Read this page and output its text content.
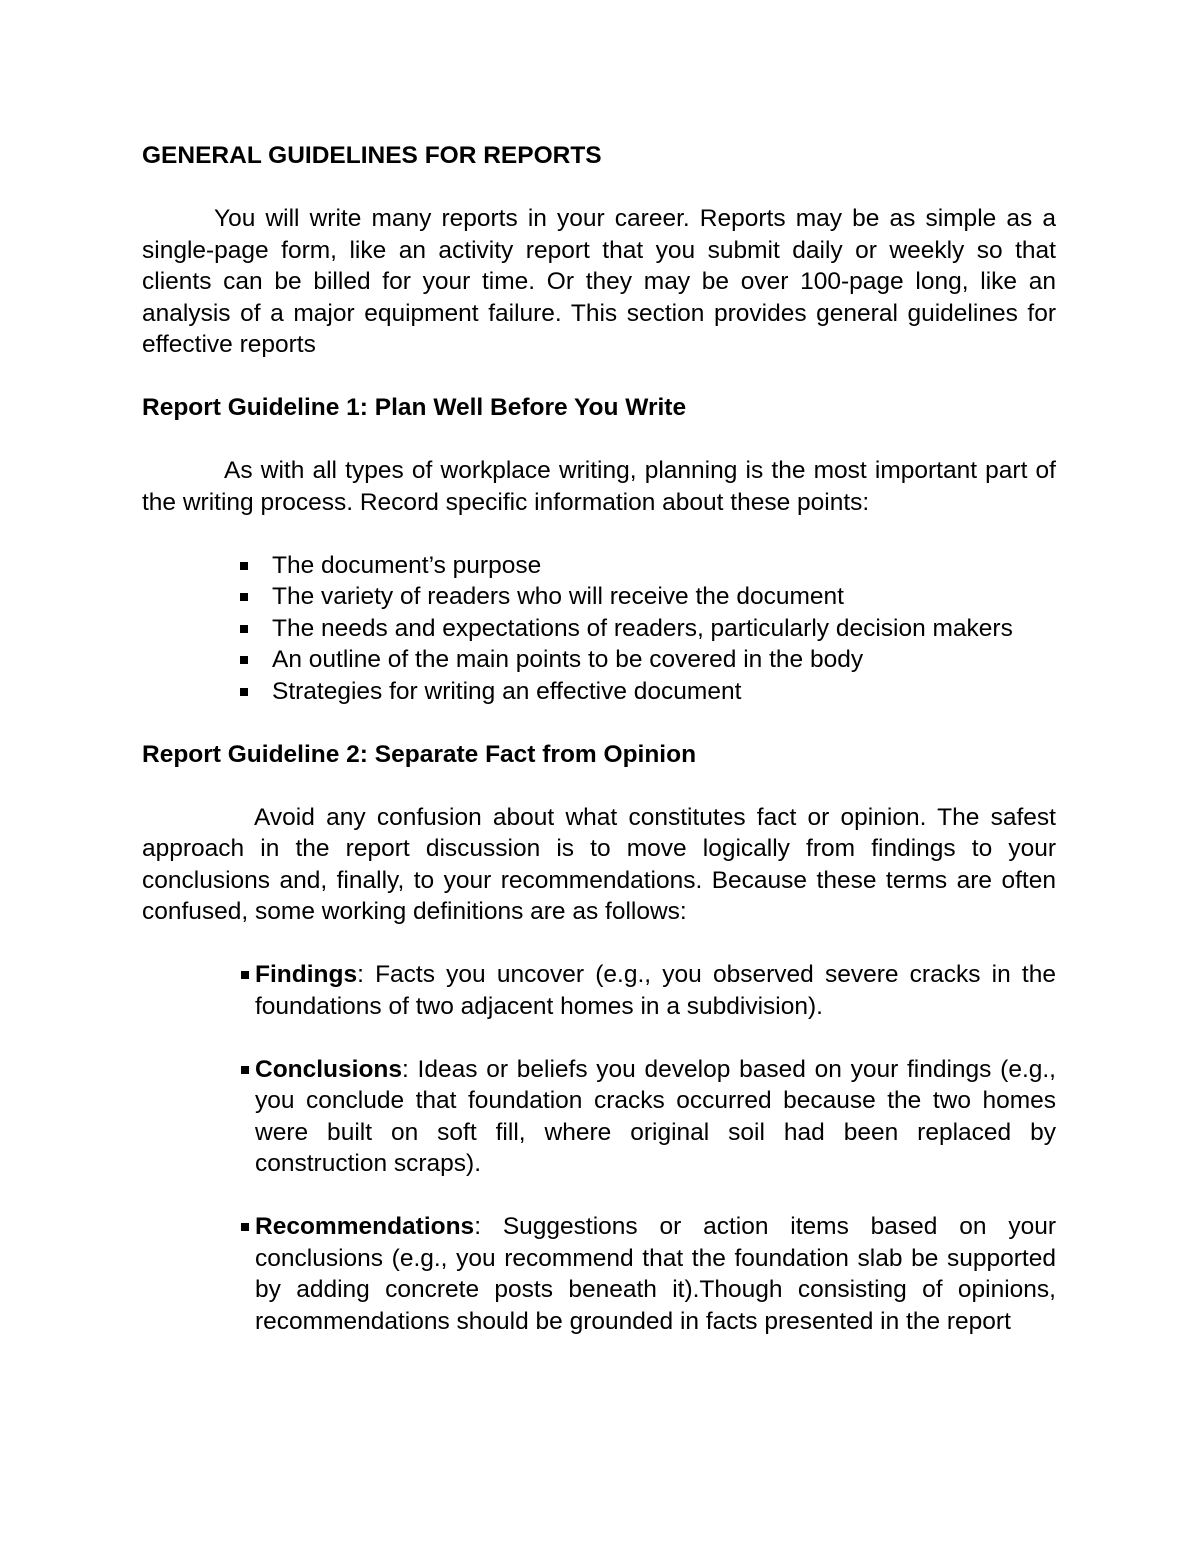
GENERAL GUIDELINES FOR REPORTS

You will write many reports in your career. Reports may be as simple as a single-page form, like an activity report that you submit daily or weekly so that clients can be billed for your time. Or they may be over 100-page long, like an analysis of a major equipment failure. This section provides general guidelines for effective reports

Report Guideline 1: Plan Well Before You Write

As with all types of workplace writing, planning is the most important part of the writing process. Record specific information about these points:

The document’s purpose
The variety of readers who will receive the document
The needs and expectations of readers, particularly decision makers
An outline of the main points to be covered in the body
Strategies for writing an effective document
Report Guideline 2: Separate Fact from Opinion

Avoid any confusion about what constitutes fact or opinion. The safest approach in the report discussion is to move logically from findings to your conclusions and, finally, to your recommendations. Because these terms are often confused, some working definitions are as follows:

Findings: Facts you uncover (e.g., you observed severe cracks in the foundations of two adjacent homes in a subdivision).
Conclusions: Ideas or beliefs you develop based on your findings (e.g., you conclude that foundation cracks occurred because the two homes were built on soft fill, where original soil had been replaced by construction scraps).
Recommendations: Suggestions or action items based on your conclusions (e.g., you recommend that the foundation slab be supported by adding concrete posts beneath it).Though consisting of opinions, recommendations should be grounded in facts presented in the report
